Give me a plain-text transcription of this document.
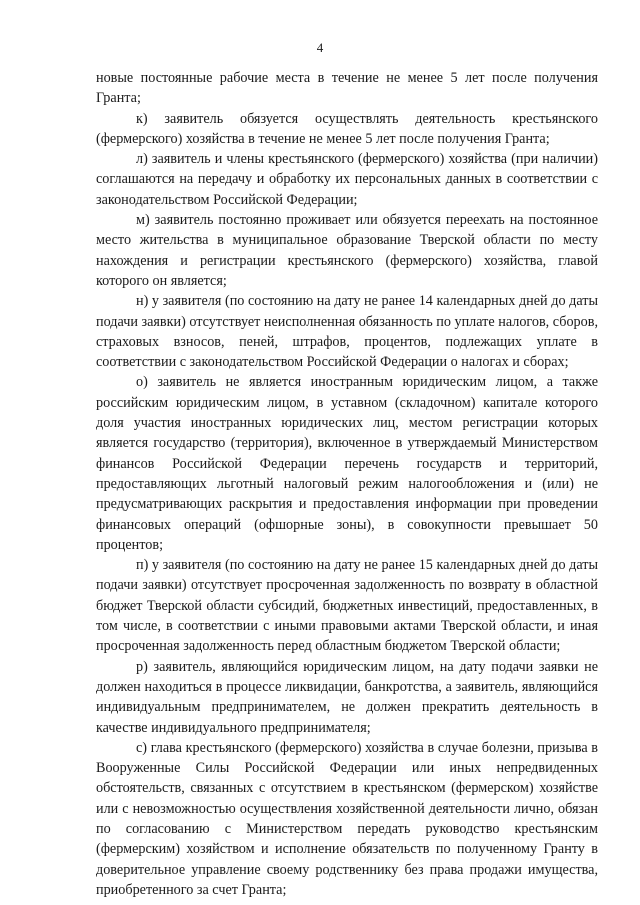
4

новые постоянные рабочие места в течение не менее 5 лет после получения Гранта;

к) заявитель обязуется осуществлять деятельность крестьянского (фермерского) хозяйства в течение не менее 5 лет после получения Гранта;

л) заявитель и члены крестьянского (фермерского) хозяйства (при наличии) соглашаются на передачу и обработку их персональных данных в соответствии с законодательством Российской Федерации;

м) заявитель постоянно проживает или обязуется переехать на постоянное место жительства в муниципальное образование Тверской области по месту нахождения и регистрации крестьянского (фермерского) хозяйства, главой которого он является;

н) у заявителя (по состоянию на дату не ранее 14 календарных дней до даты подачи заявки) отсутствует неисполненная обязанность по уплате налогов, сборов, страховых взносов, пеней, штрафов, процентов, подлежащих уплате в соответствии с законодательством Российской Федерации о налогах и сборах;

о) заявитель не является иностранным юридическим лицом, а также российским юридическим лицом, в уставном (складочном) капитале которого доля участия иностранных юридических лиц, местом регистрации которых является государство (территория), включенное в утверждаемый Министерством финансов Российской Федерации перечень государств и территорий, предоставляющих льготный налоговый режим налогообложения и (или) не предусматривающих раскрытия и предоставления информации при проведении финансовых операций (офшорные зоны), в совокупности превышает 50 процентов;

п) у заявителя (по состоянию на дату не ранее 15 календарных дней до даты подачи заявки) отсутствует просроченная задолженность по возврату в областной бюджет Тверской области субсидий, бюджетных инвестиций, предоставленных, в том числе, в соответствии с иными правовыми актами Тверской области, и иная просроченная задолженность перед областным бюджетом Тверской области;

р) заявитель, являющийся юридическим лицом, на дату подачи заявки не должен находиться в процессе ликвидации, банкротства, а заявитель, являющийся индивидуальным предпринимателем, не должен прекратить деятельность в качестве индивидуального предпринимателя;

с) глава крестьянского (фермерского) хозяйства в случае болезни, призыва в Вооруженные Силы Российской Федерации или иных непредвиденных обстоятельств, связанных с отсутствием в крестьянском (фермерском) хозяйстве или с невозможностью осуществления хозяйственной деятельности лично, обязан по согласованию с Министерством передать руководство крестьянским (фермерским) хозяйством и исполнение обязательств по полученному Гранту в доверительное управление своему родственнику без права продажи имущества, приобретенного за счет Гранта;
